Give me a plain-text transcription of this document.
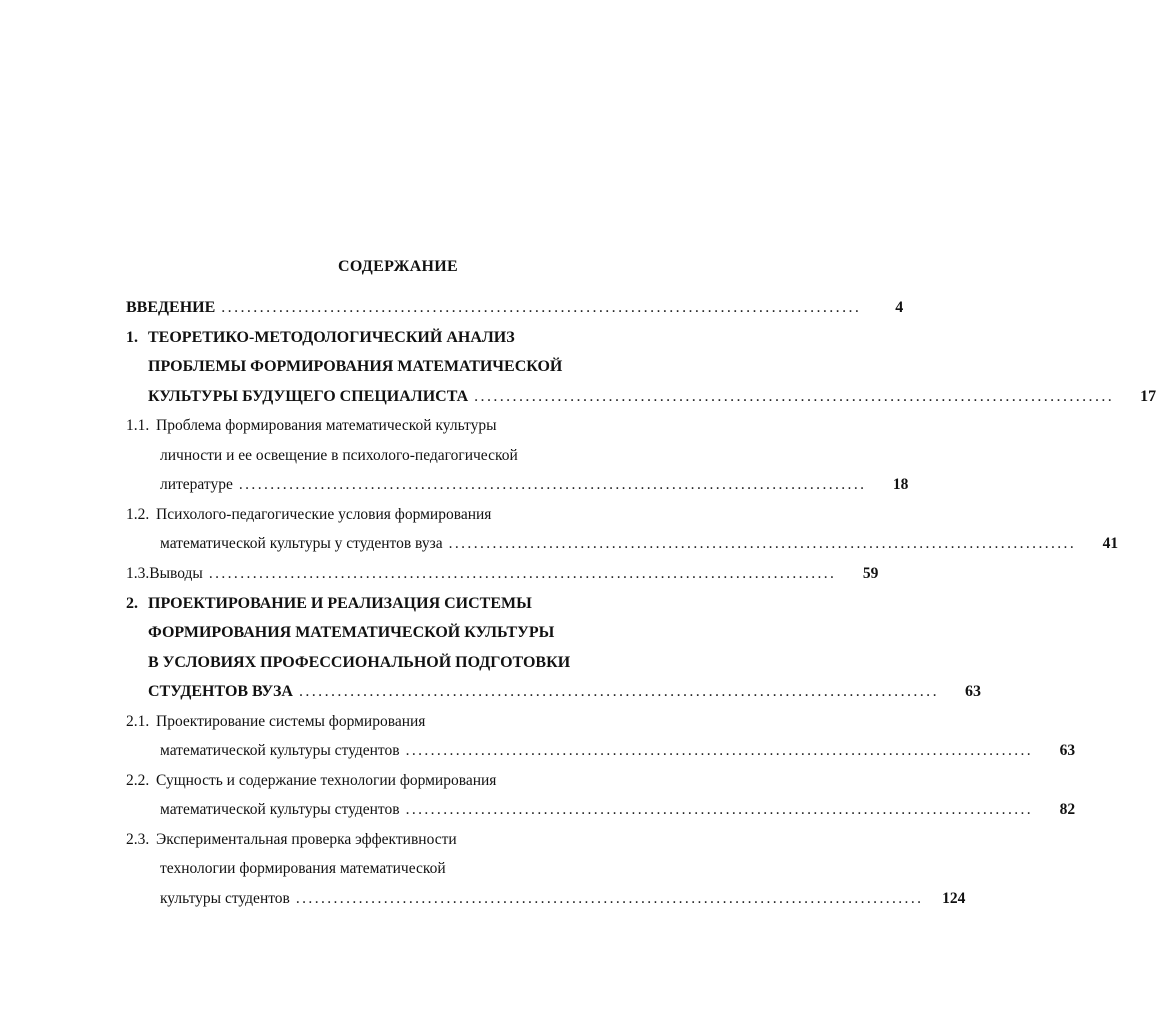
СОДЕРЖАНИЕ
ВВЕДЕНИЕ ....................................................................................................	4
1. ТЕОРЕТИКО-МЕТОДОЛОГИЧЕСКИЙ АНАЛИЗ
ПРОБЛЕМЫ ФОРМИРОВАНИЯ МАТЕМАТИЧЕСКОЙ
КУЛЬТУРЫ БУДУЩЕГО СПЕЦИАЛИСТА ....................................................................................................	17
1.1. Проблема формирования математической культуры
личности и ее освещение в психолого-педагогической
литературе ....................................................................................................	18
1.2. Психолого-педагогические условия формирования
математической культуры у студентов вуза ....................................................................................................	41
1.3. Выводы ....................................................................................................	59
2. ПРОЕКТИРОВАНИЕ И РЕАЛИЗАЦИЯ СИСТЕМЫ
ФОРМИРОВАНИЯ МАТЕМАТИЧЕСКОЙ КУЛЬТУРЫ
В УСЛОВИЯХ ПРОФЕССИОНАЛЬНОЙ ПОДГОТОВКИ
СТУДЕНТОВ ВУЗА ....................................................................................................	63
2.1. Проектирование системы формирования
математической культуры студентов ....................................................................................................	63
2.2. Сущность и содержание технологии формирования
математической культуры студентов ....................................................................................................	82
2.3. Экспериментальная проверка эффективности
технологии формирования математической
культуры студентов ....................................................................................................	124
